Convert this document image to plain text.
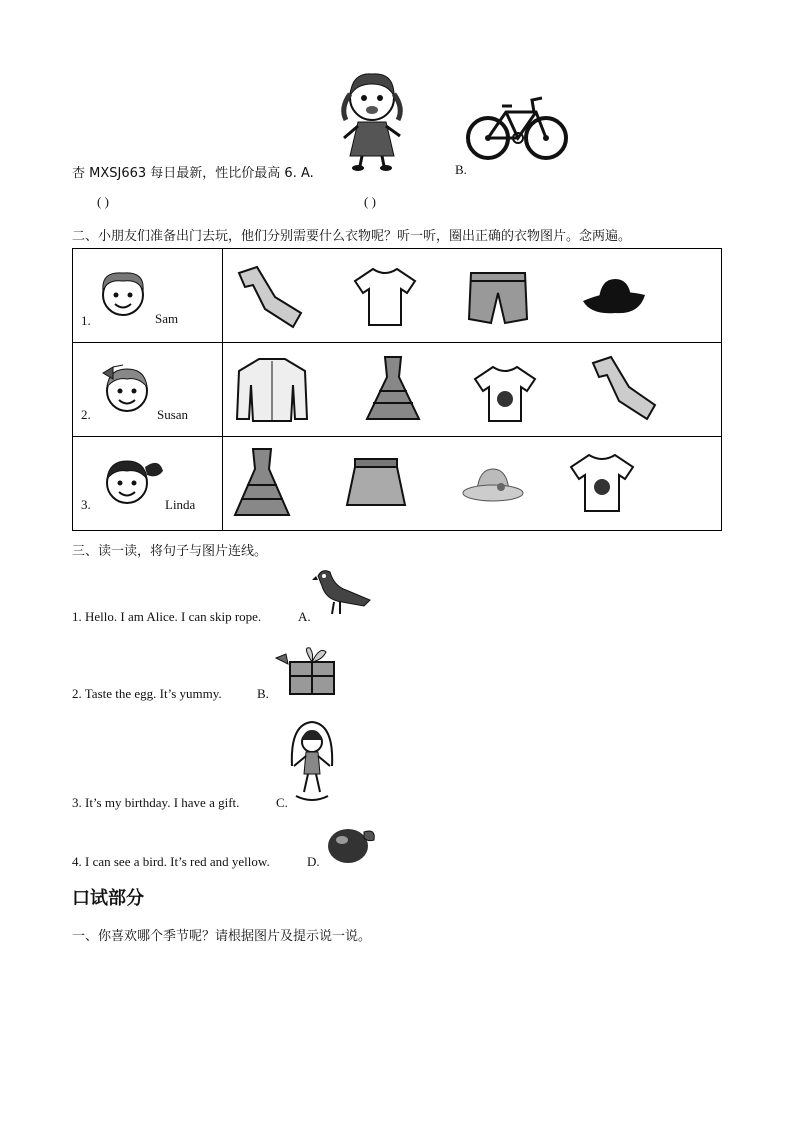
杏 MXSJ663 每日最新，性比价最高 6. A.	B.
( )	( )
二、小朋友们准备出门去玩，他们分别需要什么衣物呢？听一听，圈出正确的衣物图片。念两遍。
1. Sam

2. Susan

3. Linda

三、读一读，将句子与图片连线。
1. Hello. I am Alice. I can skip rope.	A.
2. Taste the egg. It’s yummy.	B.
3. It’s my birthday. I have a gift.	C.
4. I can see a bird. It’s red and yellow.	D.
口试部分
一、你喜欢哪个季节呢？请根据图片及提示说一说。
